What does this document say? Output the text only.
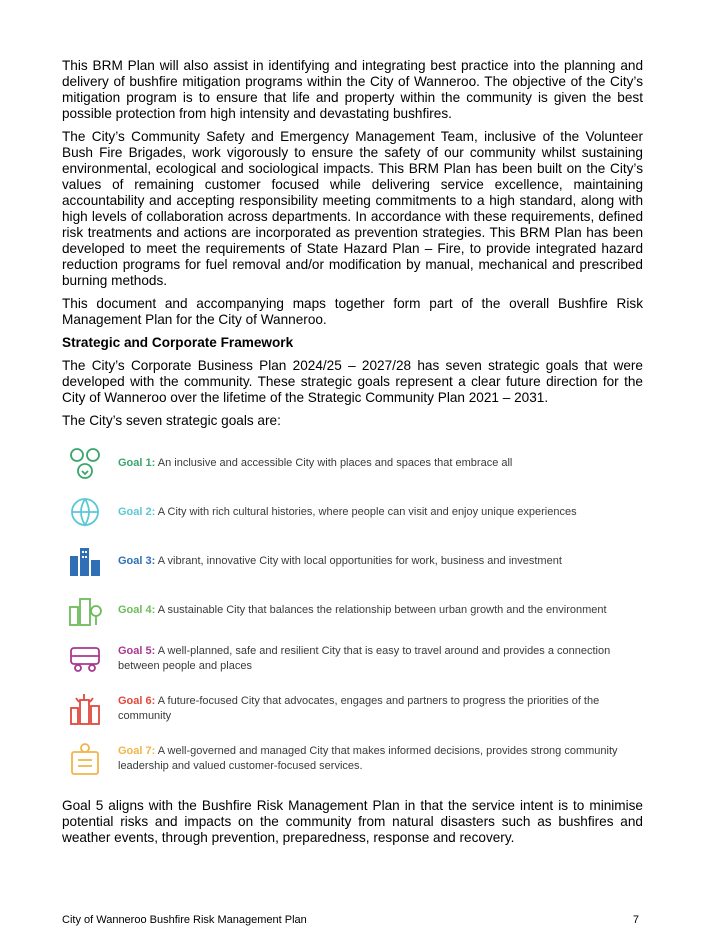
This BRM Plan will also assist in identifying and integrating best practice into the planning and delivery of bushfire mitigation programs within the City of Wanneroo. The objective of the City’s mitigation program is to ensure that life and property within the community is given the best possible protection from high intensity and devastating bushfires.

The City’s Community Safety and Emergency Management Team, inclusive of the Volunteer Bush Fire Brigades, work vigorously to ensure the safety of our community whilst sustaining environmental, ecological and sociological impacts. This BRM Plan has been built on the City’s values of remaining customer focused while delivering service excellence, maintaining accountability and accepting responsibility meeting commitments to a high standard, along with high levels of collaboration across departments. In accordance with these requirements, defined risk treatments and actions are incorporated as prevention strategies. This BRM Plan has been developed to meet the requirements of State Hazard Plan – Fire, to provide integrated hazard reduction programs for fuel removal and/or modification by manual, mechanical and prescribed burning methods.

This document and accompanying maps together form part of the overall Bushfire Risk Management Plan for the City of Wanneroo.

Strategic and Corporate Framework

The City’s Corporate Business Plan 2024/25 – 2027/28 has seven strategic goals that were developed with the community. These strategic goals represent a clear future direction for the City of Wanneroo over the lifetime of the Strategic Community Plan 2021 – 2031.

The City’s seven strategic goals are:

Goal 1: An inclusive and accessible City with places and spaces that embrace all
Goal 2: A City with rich cultural histories, where people can visit and enjoy unique experiences
Goal 3: A vibrant, innovative City with local opportunities for work, business and investment
Goal 4: A sustainable City that balances the relationship between urban growth and the environment
Goal 5: A well-planned, safe and resilient City that is easy to travel around and provides a connection between people and places
Goal 6: A future-focused City that advocates, engages and partners to progress the priorities of the community
Goal 7: A well-governed and managed City that makes informed decisions, provides strong community leadership and valued customer-focused services.

Goal 5 aligns with the Bushfire Risk Management Plan in that the service intent is to minimise potential risks and impacts on the community from natural disasters such as bushfires and weather events, through prevention, preparedness, response and recovery.

City of Wanneroo Bushfire Risk Management Plan	7
